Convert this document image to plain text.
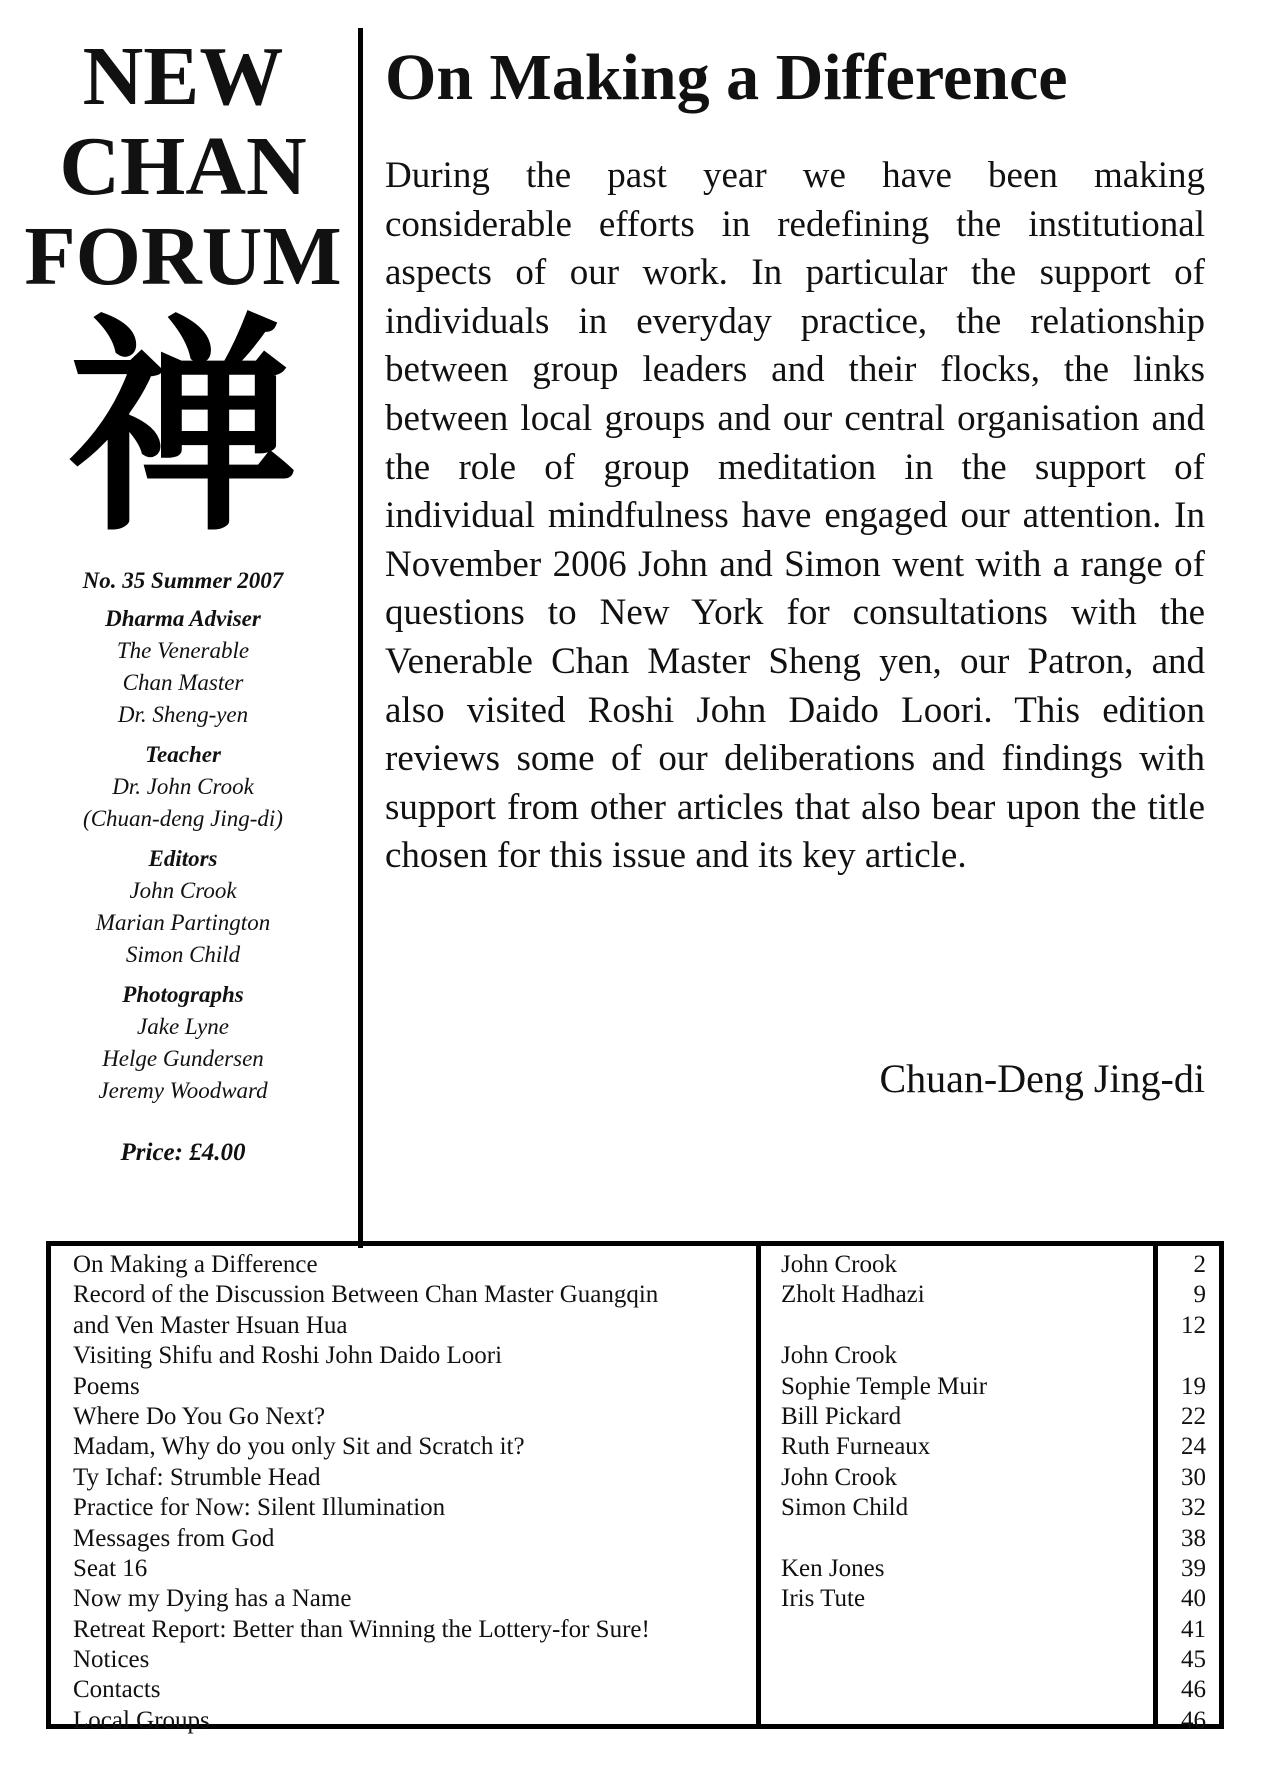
NEW
CHAN
FORUM
禅
No. 35 Summer 2007
Dharma Adviser
The Venerable
Chan Master
Dr. Sheng-yen
Teacher
Dr. John Crook
(Chuan-deng Jing-di)
Editors
John Crook
Marian Partington
Simon Child
Photographs
Jake Lyne
Helge Gundersen
Jeremy Woodward
Price: £4.00
On Making a Difference
During the past year we have been making considerable efforts in redefining the institutional aspects of our work. In particular the support of individuals in everyday practice, the relationship between group leaders and their flocks, the links between local groups and our central organisation and the role of group meditation in the support of individual mindfulness have engaged our attention. In November 2006 John and Simon went with a range of questions to New York for consultations with the Venerable Chan Master Sheng yen, our Patron, and also visited Roshi John Daido Loori. This edition reviews some of our deliberations and findings with support from other articles that also bear upon the title chosen for this issue and its key article.
Chuan-Deng Jing-di
On Making a Difference
Record of the Discussion Between Chan Master Guangqin
and Ven Master Hsuan Hua
Visiting Shifu and Roshi John Daido Loori
Poems
Where Do You Go Next?
Madam, Why do you only Sit and Scratch it?
Ty Ichaf: Strumble Head
Practice for Now: Silent Illumination
Messages from God
Seat 16
Now my Dying has a Name
Retreat Report: Better than Winning the Lottery-for Sure!
Notices
Contacts
Local Groups
John Crook
Zholt Hadhazi
John Crook
Sophie Temple Muir
Bill Pickard
Ruth Furneaux
John Crook
Simon Child
Ken Jones
Iris Tute
2
9
12
19
22
24
30
32
38
39
40
41
45
46
46
